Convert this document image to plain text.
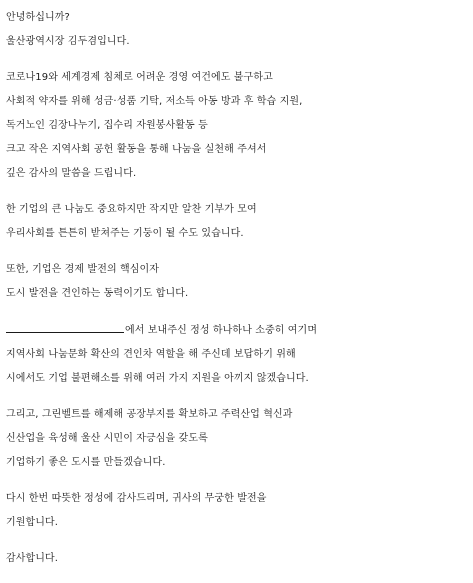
안녕하십니까?
울산광역시장 김두겸입니다.
코로나19와 세계경제 침체로 어려운 경영 여건에도 불구하고
사회적 약자를 위해 성금·성품 기탁, 저소득 아동 방과 후 학습 지원,
독거노인 김장나누기, 집수리 자원봉사활동 등
크고 작은 지역사회 공헌 활동을 통해 나눔을 실천해 주셔서
깊은 감사의 말씀을 드립니다.
한 기업의 큰 나눔도 중요하지만 작지만 알찬 기부가 모여
우리사회를 튼튼히 받쳐주는 기둥이 될 수도 있습니다.
또한, 기업은 경제 발전의 핵심이자
도시 발전을 견인하는 동력이기도 합니다.
에서 보내주신 정성 하나하나 소중히 여기며
지역사회 나눔문화 확산의 견인차 역할을 해 주신데 보답하기 위해
시에서도 기업 불편해소를 위해 여러 가지 지원을 아끼지 않겠습니다.
그리고, 그린벨트를 해제해 공장부지를 확보하고 주력산업 혁신과
신산업을 육성해 울산 시민이 자긍심을 갖도록
기업하기 좋은 도시를 만들겠습니다.
다시 한번 따뜻한 정성에 감사드리며, 귀사의 무궁한 발전을
기원합니다.
감사합니다.
